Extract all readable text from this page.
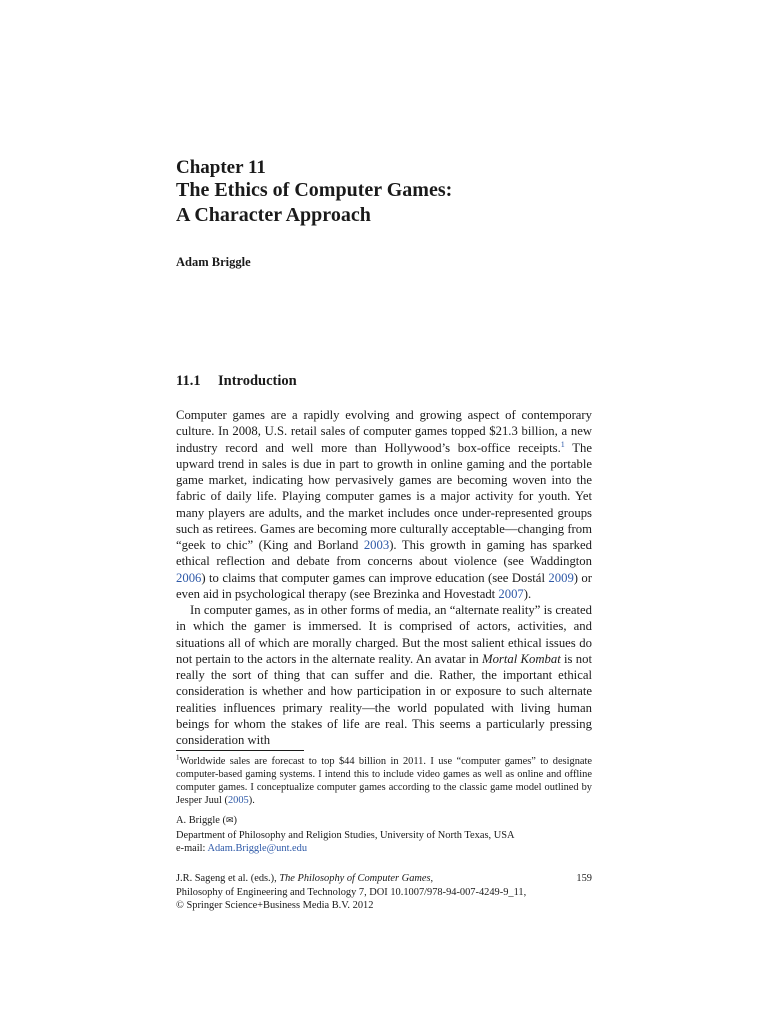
Chapter 11
The Ethics of Computer Games:
A Character Approach
Adam Briggle
11.1 Introduction

Computer games are a rapidly evolving and growing aspect of contemporary culture. In 2008, U.S. retail sales of computer games topped $21.3 billion, a new industry record and well more than Hollywood’s box-office receipts.$^1$ The upward trend in sales is due in part to growth in online gaming and the portable game market, indicating how pervasively games are becoming woven into the fabric of daily life. Playing computer games is a major activity for youth. Yet many players are adults, and the market includes once under-represented groups such as retirees. Games are becoming more culturally acceptable—changing from “geek to chic” (King and Borland 2003). This growth in gaming has sparked ethical reflection and debate from concerns about violence (see Waddington 2006) to claims that computer games can improve education (see Dostál 2009) or even aid in psychological therapy (see Brezinka and Hovestadt 2007).

In computer games, as in other forms of media, an “alternate reality” is created in which the gamer is immersed. It is comprised of actors, activities, and situations all of which are morally charged. But the most salient ethical issues do not pertain to the actors in the alternate reality. An avatar in Mortal Kombat is not really the sort of thing that can suffer and die. Rather, the important ethical consideration is whether and how participation in or exposure to such alternate realities influences primary reality—the world populated with living human beings for whom the stakes of life are real. This seems a particularly pressing consideration with

$^1$Worldwide sales are forecast to top $44 billion in 2011. I use “computer games” to designate computer-based gaming systems. I intend this to include video games as well as online and offline computer games. I conceptualize computer games according to the classic game model outlined by Jesper Juul (2005).
A. Briggle (✉)
Department of Philosophy and Religion Studies, University of North Texas, USA
e-mail: Adam.Briggle@unt.edu
J.R. Sageng et al. (eds.), The Philosophy of Computer Games,
Philosophy of Engineering and Technology 7, DOI 10.1007/978-94-007-4249-9_11,
© Springer Science+Business Media B.V. 2012
159
